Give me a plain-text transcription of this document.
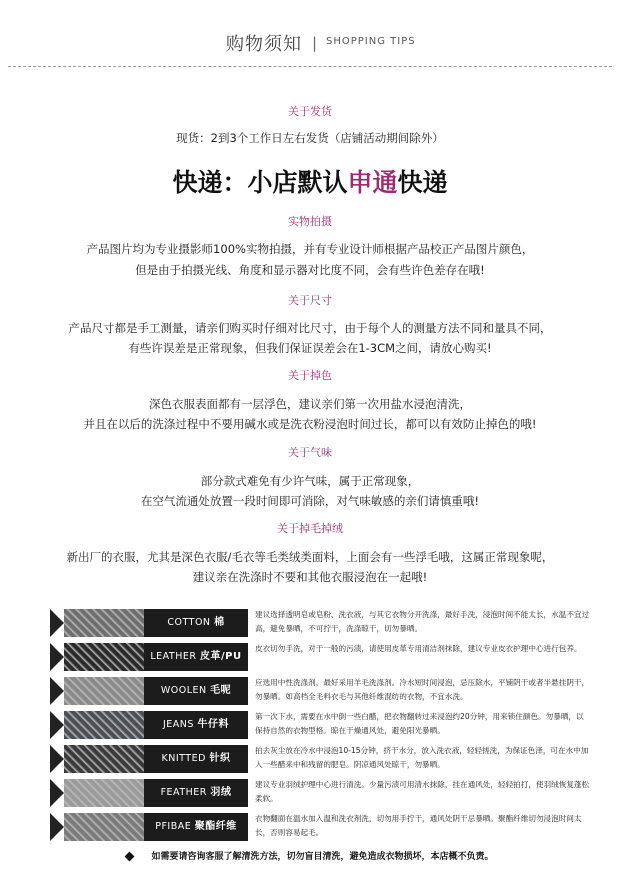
购物须知 | SHOPPING TIPS
关于发货
现货：2到3个工作日左右发货（店铺活动期间除外）
快递：小店默认申通快递
实物拍摄
产品图片均为专业摄影师100%实物拍摄，并有专业设计师根据产品校正产品图片颜色，
但是由于拍摄光线、角度和显示器对比度不同，会有些许色差存在哦!
关于尺寸
产品尺寸都是手工测量，请亲们购买时仔细对比尺寸，由于每个人的测量方法不同和量具不同，
有些许误差是正常现象，但我们保证误差会在1-3CM之间，请放心购买!
关于掉色
深色衣服表面都有一层浮色，建议亲们第一次用盐水浸泡清洗，
并且在以后的洗涤过程中不要用碱水或是洗衣粉浸泡时间过长，都可以有效防止掉色的哦!
关于气味
部分款式难免有少许气味，属于正常现象，
在空气流通处放置一段时间即可消除，对气味敏感的亲们请慎重哦!
关于掉毛掉绒
新出厂的衣服，尤其是深色衣服/毛衣等毛类绒类面料，上面会有一些浮毛哦，这属正常现象呢，
建议亲在洗涤时不要和其他衣服浸泡在一起哦!
COTTON 棉
建议选择透明皂或皂粉、洗衣液，与其它衣物分开洗涤，最好手洗，浸泡时间不能太长，水温不宜过高，避免暴晒，不可拧干，洗涤晾干，切勿暴晒。
LEATHER 皮革/PU
皮衣切勿手洗，对于一般的污渍，请使用皮革专用清洁剂抹除，建议专业皮衣护理中心进行包养。
WOOLEN 毛呢
应选用中性洗涤剂，最好采用羊毛洗涤剂。冷水短时间浸泡，忌压除水，平铺阴干或者半悬挂阴干，勿暴晒。如高档全毛料衣毛与其他纤维混纺的衣物，不宜水洗。
JEANS 牛仔料
第一次下水，需要在水中倒一些白醋，把衣物翻转过来浸泡约20分钟，用来锁住颜色。勿暴晒，以保持自然的衣物型格。晾在干燥通风处，避免阳光暴晒。
KNITTED 针织
拍去灰尘放在冷水中浸泡10-15分钟，挤干水分，放入洗衣液，轻轻搓洗，为保证色泽，可在水中加入一些醋来中和残留的肥皂。阴凉通风处晾干，勿暴晒。
FEATHER 羽绒
建议专业羽绒护理中心进行清洗。少量污渍可用清水抹除，挂在通风处，轻轻拍打，使羽绒恢复蓬松柔软。
PFIBAE 聚酯纤维
衣物翻面在温水加入温和洗衣剂洗，切勿用手拧干，通风处阴干忌暴晒。聚酯纤维切勿浸泡时间太长，否则容易起毛。
如需要请咨询客服了解清洗方法，切勿盲目清洗，避免造成衣物损坏，本店概不负责。
